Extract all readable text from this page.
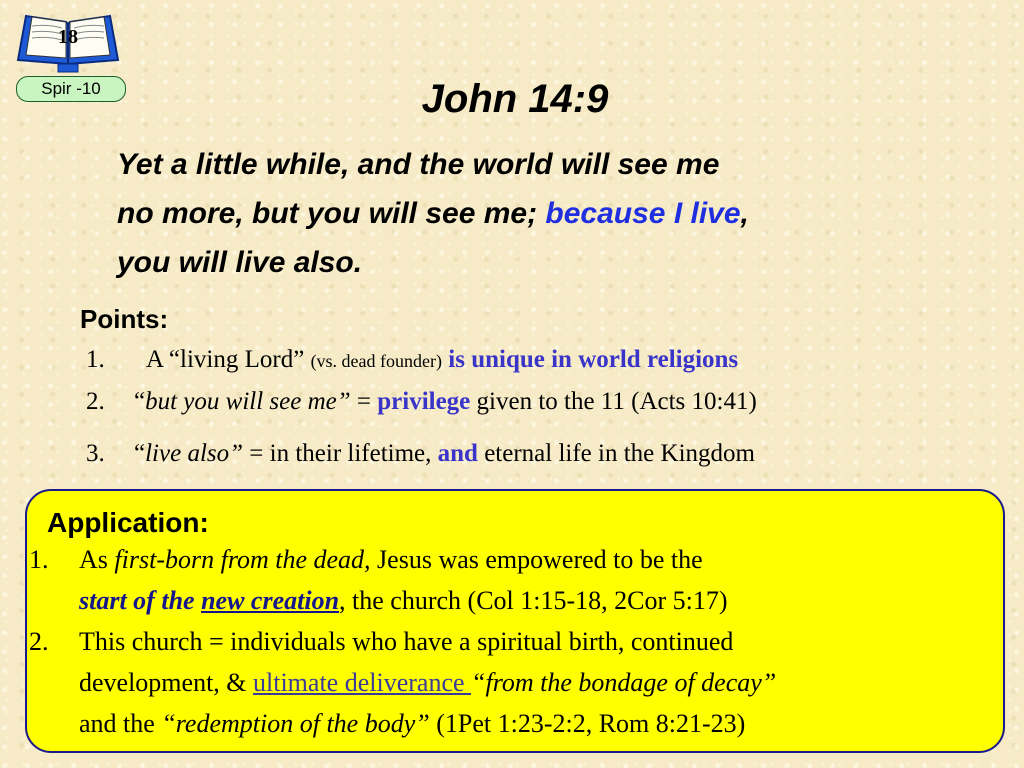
18
Spir -10	John 14:9
Yet a little while, and the world will see me
no more, but you will see me; because I live,
you will live also.
Points:
1. A “living Lord” (vs. dead founder) is unique in world religions
2. “but you will see me” = privilege given to the 11 (Acts 10:41)
3. “live also” = in their lifetime, and eternal life in the Kingdom
Application:
1.	As first-born from the dead, Jesus was empowered to be the
start of the new creation, the church (Col 1:15-18, 2Cor 5:17)
2.	This church = individuals who have a spiritual birth, continued
development, & ultimate deliverance “from the bondage of decay”
and the “redemption of the body” (1Pet 1:23-2:2, Rom 8:21-23)
